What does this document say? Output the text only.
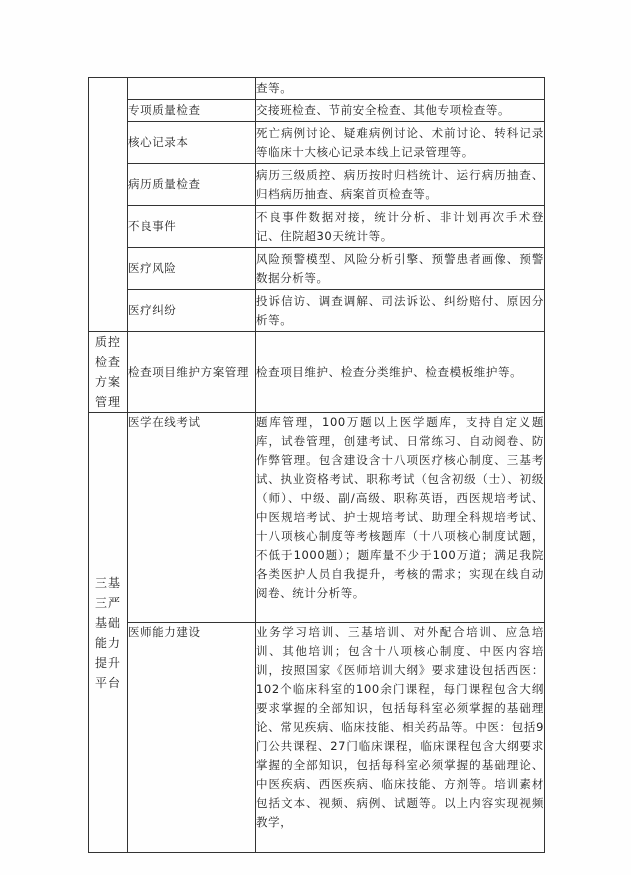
		查等。
	专项质量检查	交接班检查、节前安全检查、其他专项检查等。
	核心记录本	死亡病例讨论、疑难病例讨论、术前讨论、转科记录等临床十大核心记录本线上记录管理等。
	病历质量检查	病历三级质控、病历按时归档统计、运行病历抽查、归档病历抽查、病案首页检查等。
	不良事件	不良事件数据对接，统计分析、非计划再次手术登记、住院超30天统计等。
	医疗风险	风险预警模型、风险分析引擎、预警患者画像、预警数据分析等。
	医疗纠纷	投诉信访、调查调解、司法诉讼、纠纷赔付、原因分析等。

质控检查方案管理	检查项目维护方案管理	检查项目维护、检查分类维护、检查模板维护等。

三基三严基础能力提升平台	医学在线考试	题库管理，100万题以上医学题库，支持自定义题库，试卷管理，创建考试、日常练习、自动阅卷、防作弊管理。包含建设含十八项医疗核心制度、三基考试、执业资格考试、职称考试（包含初级（士）、初级（师）、中级、副/高级、职称英语，西医规培考试、中医规培考试、护士规培考试、助理全科规培考试、十八项核心制度等考核题库（十八项核心制度试题，不低于1000题）；题库量不少于100万道；满足我院各类医护人员自我提升，考核的需求；实现在线自动阅卷、统计分析等。
	医师能力建设	业务学习培训、三基培训、对外配合培训、应急培训、其他培训；包含十八项核心制度、中医内容培训，按照国家《医师培训大纲》要求建设包括西医：102个临床科室的100余门课程，每门课程包含大纲要求掌握的全部知识，包括每科室必须掌握的基础理论、常见疾病、临床技能、相关药品等。中医：包括9门公共课程、27门临床课程，临床课程包含大纲要求掌握的全部知识，包括每科室必须掌握的基础理论、中医疾病、西医疾病、临床技能、方剂等。培训素材包括文本、视频、病例、试题等。以上内容实现视频教学，
